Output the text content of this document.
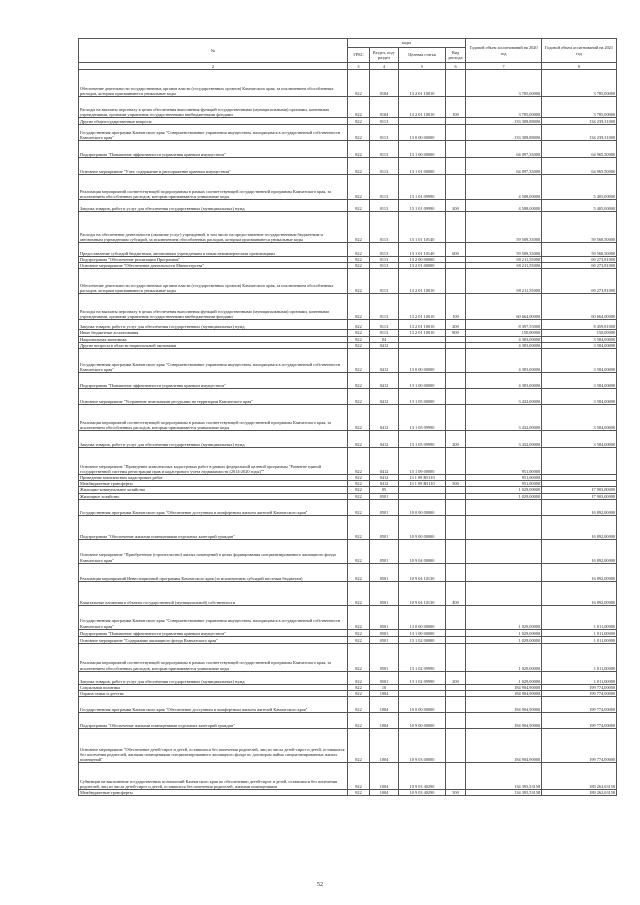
№	коды				Годовой объем ассигнований на 2020 год	Годовой объем ассигнований на 2021 год
	ГРБС	Раздел, под-раздел	Целевая статья	Вид расхода		
2	3	4	5	6	7	8
Обеспечение деятельности государственных органов власти (государственных органов) Камчатского края, за исключением обособленных расходов, которым присваиваются уникальные коды	822	0104	13 2 01 10010		3 785,00000	3 785,00000
Расходы на выплаты персоналу в целях обеспечения выполнения функций государственными (муниципальными) органами, казенными учреждениями, органами управления государственными внебюджетными фондами	822	0104	13 2 01 10010	100	3 785,00000	3 785,00000
Другие общегосударственные вопросы	822	0113			133 308,88000	134 239,31000
Государственная программа Камчатского края "Совершенствование управления имуществом, находящимся в государственной собственности Камчатского края"	822	0113	13 0 00 00000		133 308,88000	134 239,31000
Подпрограмма "Повышение эффективности управления краевым имуществом"	822	0113	13 1 00 00000		64 097,33000	64 965,50000
Основное мероприятие "Учет, содержание и распоряжение краевым имуществом"	822	0113	13 1 01 00000		64 097,33000	64 965,50000
Реализация мероприятий соответствующей подпрограммы в рамках соответствующей государственной программы Камчатского края, за исключением обособленных расходов, которым присваиваются уникальные коды	822	0113	13 1 01 09990		4 588,00000	5 405,00000
Закупка товаров, работ и услуг для обеспечения государственных (муниципальных) нужд	822	0113	13 1 01 09990	200	4 588,00000	5 405,00000
Расходы на обеспечение деятельности (оказание услуг) учреждений, в том числе на предоставление государственным бюджетным и автономным учреждениям субсидий, за исключением обособленных расходов, которым присваиваются уникальные коды	822	0113	13 1 01 10140		59 509,33000	59 560,50000
Предоставление субсидий бюджетным, автономным учреждениям и иным некоммерческим организациям	822	0113	13 1 01 10140	600	59 509,33000	59 560,50000
Подпрограмма "Обеспечение реализации Программы"	822	0113	13 2 00 00000		69 211,55000	69 273,81000
Основное мероприятие "Обеспечение деятельности Министерства"	822	0113	13 2 01 00000		69 211,55000	69 273,81000
Обеспечение деятельности государственных органов власти (государственных органов) Камчатского края, за исключением обособленных расходов, которым присваиваются уникальные коды	822	0113	13 2 01 10010		69 211,55000	69 273,81000
Расходы на выплаты персоналу в целях обеспечения выполнения функций государственными (муниципальными) органами, казенными учреждениями, органами управления государственными внебюджетными фондами	822	0113	13 2 01 10010	100	60 664,00000	60 664,00000
Закупка товаров, работ и услуг для обеспечения государственных (муниципальных) нужд	822	0113	13 2 01 10010	200	8 397,55000	8 459,81000
Иные бюджетные ассигнования	822	0113	13 2 01 10010	800	150,00000	150,00000
Национальная экономика	822	04			4 383,00000	3 584,00000
Другие вопросы в области национальной экономики	822	0412			4 383,00000	3 584,00000
Государственная программа Камчатского края "Совершенствование управления имуществом, находящимся в государственной собственности Камчатского края"	822	0412	13 0 00 00000		4 383,00000	3 584,00000
Подпрограмма "Повышение эффективности управления краевым имуществом"	822	0412	13 1 00 00000		4 383,00000	3 584,00000
Основное мероприятие "Устранение земельными ресурсами на территории Камчатского края"	822	0412	13 1 05 00000		3 432,00000	3 584,00000
Реализация мероприятий соответствующей подпрограммы в рамках соответствующей государственной программы Камчатского края, за исключением обособленных расходов, которым присваиваются уникальные коды	822	0412	13 1 05 09990		3 432,00000	3 584,00000
Закупка товаров, работ и услуг для обеспечения государственных (муниципальных) нужд	822	0412	13 1 05 09990	200	3 432,00000	3 584,00000
Основное мероприятие "Проведение комплексных кадастровых работ в рамках федеральной целевой программы "Развитие единой государственной системы регистрации прав и кадастрового учета недвижимости (2014-2020 годы)""	822	0412	13 1 09 00000		951,00000	
Проведение комплексных кадастровых работ	822	0412	13 1 09 R5110		951,00000	
Межбюджетные трансферты	822	0412	13 1 09 R5110	500	951,00000	
Жилищно-коммунальное хозяйство	822	05			1 029,00000	17 903,00000
Жилищное хозяйство	822	0501			1 029,00000	17 903,00000
Государственная программа Камчатского края "Обеспечение доступным и комфортным жильем жителей Камчатского края"	822	0501	10 0 00 00000			16 892,00000
Подпрограмма "Обеспечение жилыми помещениями отдельных категорий граждан"	822	0501	10 9 00 00000			16 892,00000
Основное мероприятие "Приобретение (строительство) жилых помещений в целях формирования специализированного жилищного фонда Камчатского края"	822	0501	10 9 04 00000			16 892,00000
Реализация мероприятий Инвестиционной программы Камчатского края (за исключением субсидий местным бюджетам)	822	0501	10 9 04 10130			16 892,00000
Капитальные вложения в объекты государственной (муниципальной) собственности	822	0501	10 9 04 10130	400		16 892,00000
Государственная программа Камчатского края "Совершенствование управления имуществом, находящимся в государственной собственности Камчатского края"	822	0501	13 0 00 00000		1 029,00000	1 011,00000
Подпрограмма "Повышение эффективности управления краевым имуществом"	822	0501	13 1 00 00000		1 029,00000	1 011,00000
Основное мероприятие "Содержание жилищного фонда Камчатского края"	822	0501	13 1 02 00000		1 029,00000	1 011,00000
Реализация мероприятий соответствующей подпрограммы в рамках соответствующей государственной программы Камчатского края, за исключением обособленных расходов, которым присваиваются уникальные коды	822	0501	13 1 02 09990		1 029,00000	1 011,00000
Закупка товаров, работ и услуг для обеспечения государственных (муниципальных) нужд	822	0501	13 1 02 09990	200	1 029,00000	1 011,00000
Социальная политика	822	10			184 904,90000	199 774,00000
Охрана семьи и детства	822	1004			184 904,90000	199 774,00000
Государственная программа Камчатского края "Обеспечение доступным и комфортным жильем жителей Камчатского края"	822	1004	10 0 00 00000		184 904,90000	199 774,00000
Подпрограмма "Обеспечение жилыми помещениями отдельных категорий граждан"	822	1004	10 9 00 00000		184 904,90000	199 774,00000
Основное мероприятие "Обеспечение детей-сирот и детей, оставшихся без попечения родителей, лиц из числа детей-сирот и детей, оставшихся без попечения родителей, жилыми помещениями специализированного жилищного фонда по договорам найма специализированных жилых помещений"	822	1004	10 9 03 00000		184 904,90000	199 774,00000
Субвенции на выполнение государственных полномочий Камчатского края по обеспечению детей-сирот и детей, оставшихся без попечения родителей, лиц из числа детей-сирот и детей, оставшихся без попечения родителей, жилыми помещениями	822	1004	10 9 03 40290		134 395,53158	189 262,63158
Межбюджетные трансферты	822	1004	10 9 03 40290	500	134 395,53158	189 262,63158
52
